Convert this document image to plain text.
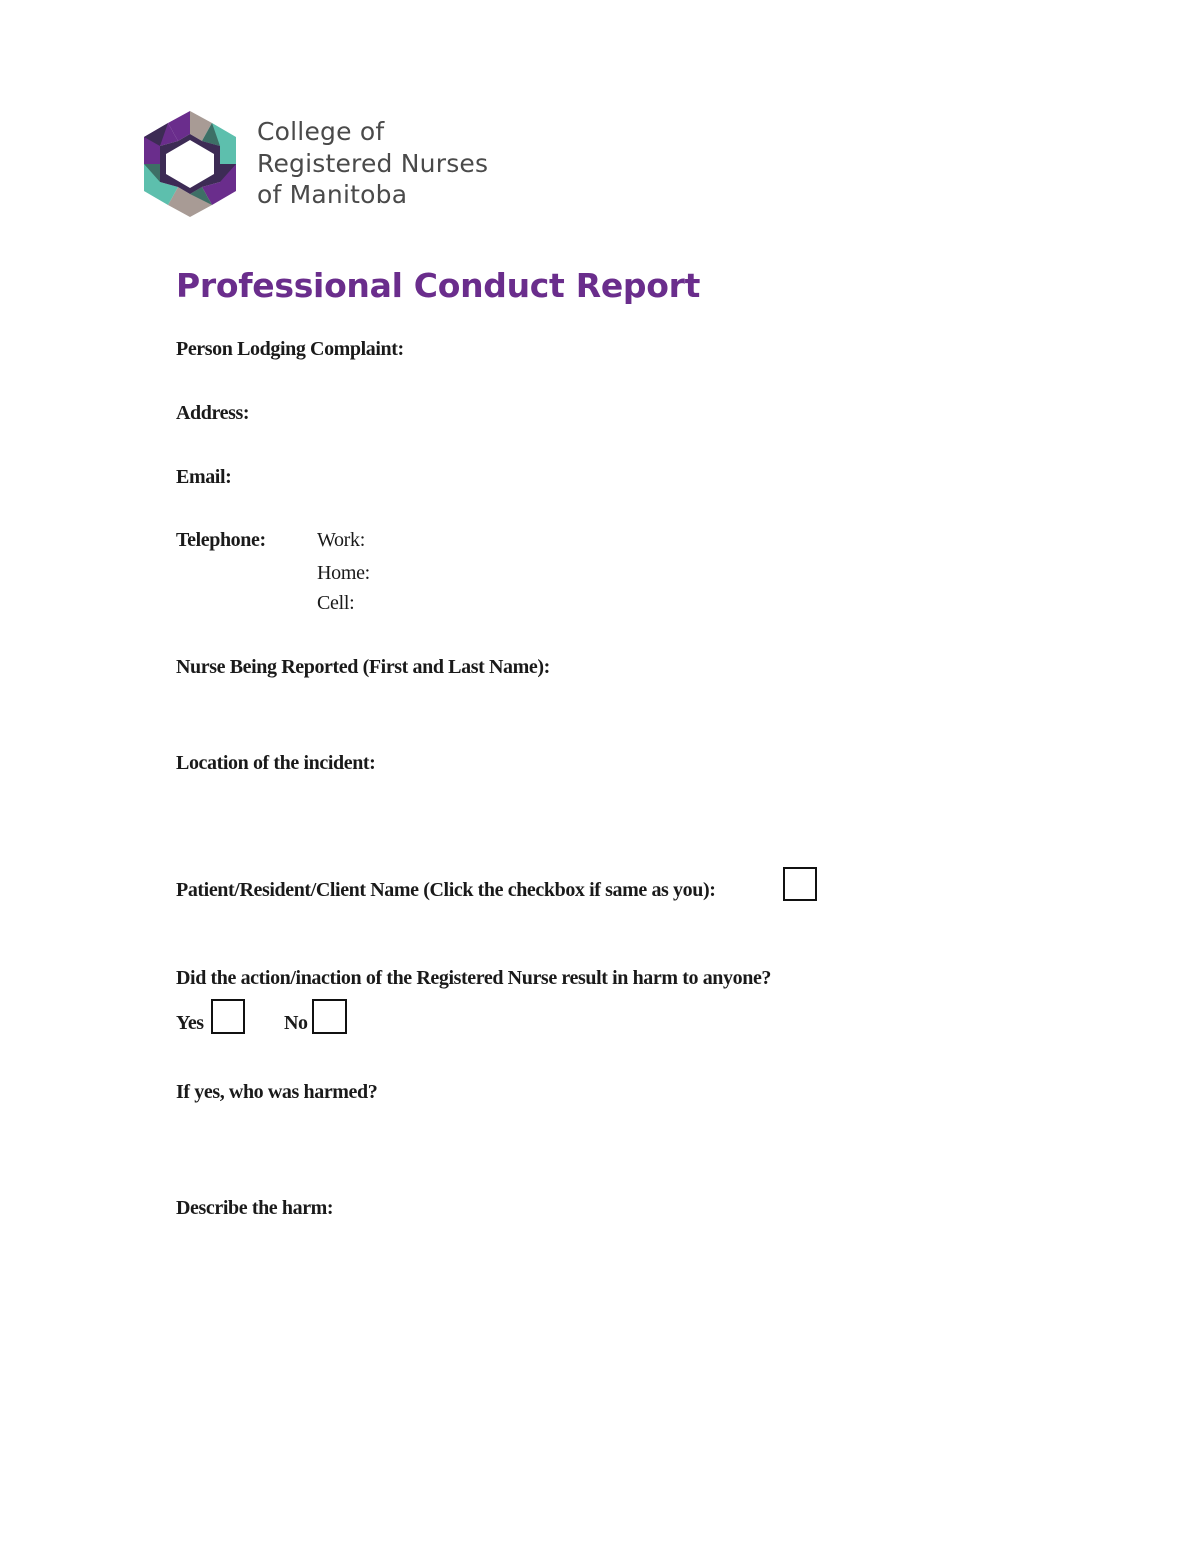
College of
Registered Nurses
of Manitoba
Professional Conduct Report
Person Lodging Complaint:
Address:
Email:
Telephone:	Work:
Home:
Cell:
Nurse Being Reported (First and Last Name):
Location of the incident:
Patient/Resident/Client Name (Click the checkbox if same as you):
Did the action/inaction of the Registered Nurse result in harm to anyone?
Yes	No
If yes, who was harmed?
Describe the harm:
